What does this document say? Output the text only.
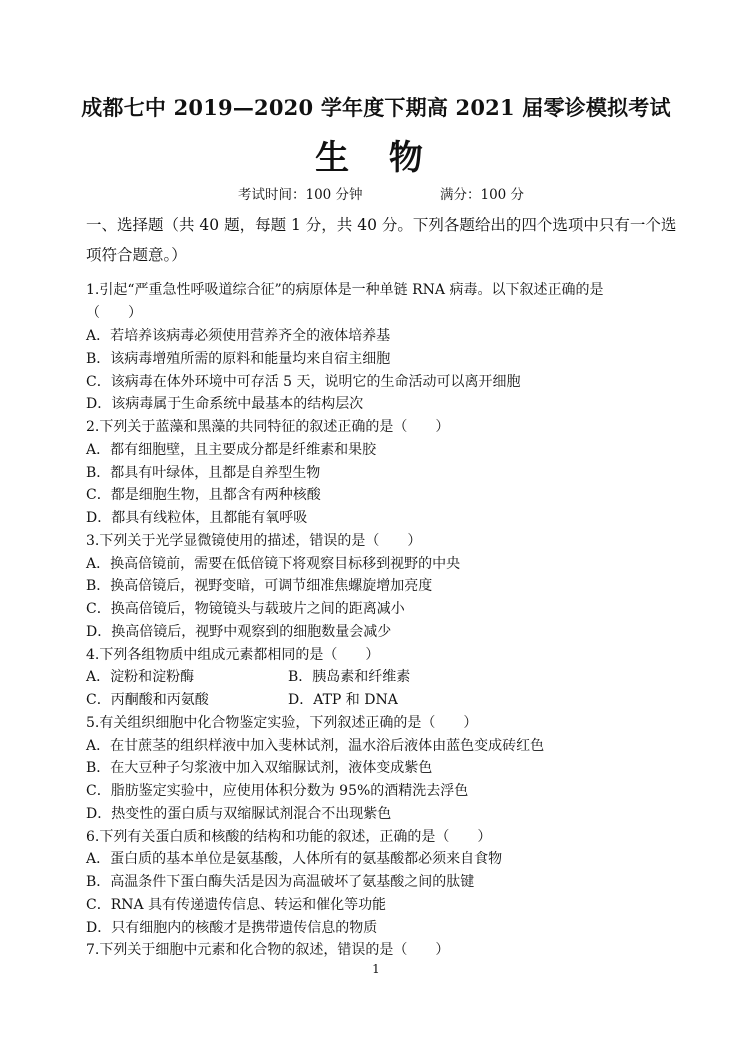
成都七中 2019—2020 学年度下期高 2021 届零诊模拟考试
生 物
考试时间：100 分钟	满分：100 分
一、选择题（共 40 题，每题 1 分，共 40 分。下列各题给出的四个选项中只有一个选项符合题意。）
1.引起“严重急性呼吸道综合征”的病原体是一种单链 RNA 病毒。以下叙述正确的是
（　　）
A．若培养该病毒必须使用营养齐全的液体培养基
B．该病毒增殖所需的原料和能量均来自宿主细胞
C．该病毒在体外环境中可存活 5 天，说明它的生命活动可以离开细胞
D．该病毒属于生命系统中最基本的结构层次
2.下列关于蓝藻和黑藻的共同特征的叙述正确的是（　　）
A．都有细胞壁，且主要成分都是纤维素和果胶
B．都具有叶绿体，且都是自养型生物
C．都是细胞生物，且都含有两种核酸
D．都具有线粒体，且都能有氧呼吸
3.下列关于光学显微镜使用的描述，错误的是（　　）
A．换高倍镜前，需要在低倍镜下将观察目标移到视野的中央
B．换高倍镜后，视野变暗，可调节细准焦螺旋增加亮度
C．换高倍镜后，物镜镜头与载玻片之间的距离减小
D．换高倍镜后，视野中观察到的细胞数量会减少
4.下列各组物质中组成元素都相同的是（　　）
A．淀粉和淀粉酶	B．胰岛素和纤维素
C．丙酮酸和丙氨酸	D．ATP 和 DNA
5.有关组织细胞中化合物鉴定实验，下列叙述正确的是（　　）
A．在甘蔗茎的组织样液中加入斐林试剂，温水浴后液体由蓝色变成砖红色
B．在大豆种子匀浆液中加入双缩脲试剂，液体变成紫色
C．脂肪鉴定实验中，应使用体积分数为 95%的酒精洗去浮色
D．热变性的蛋白质与双缩脲试剂混合不出现紫色
6.下列有关蛋白质和核酸的结构和功能的叙述，正确的是（　　）
A．蛋白质的基本单位是氨基酸，人体所有的氨基酸都必须来自食物
B．高温条件下蛋白酶失活是因为高温破坏了氨基酸之间的肽键
C．RNA 具有传递遗传信息、转运和催化等功能
D．只有细胞内的核酸才是携带遗传信息的物质
7.下列关于细胞中元素和化合物的叙述，错误的是（　　）
1
